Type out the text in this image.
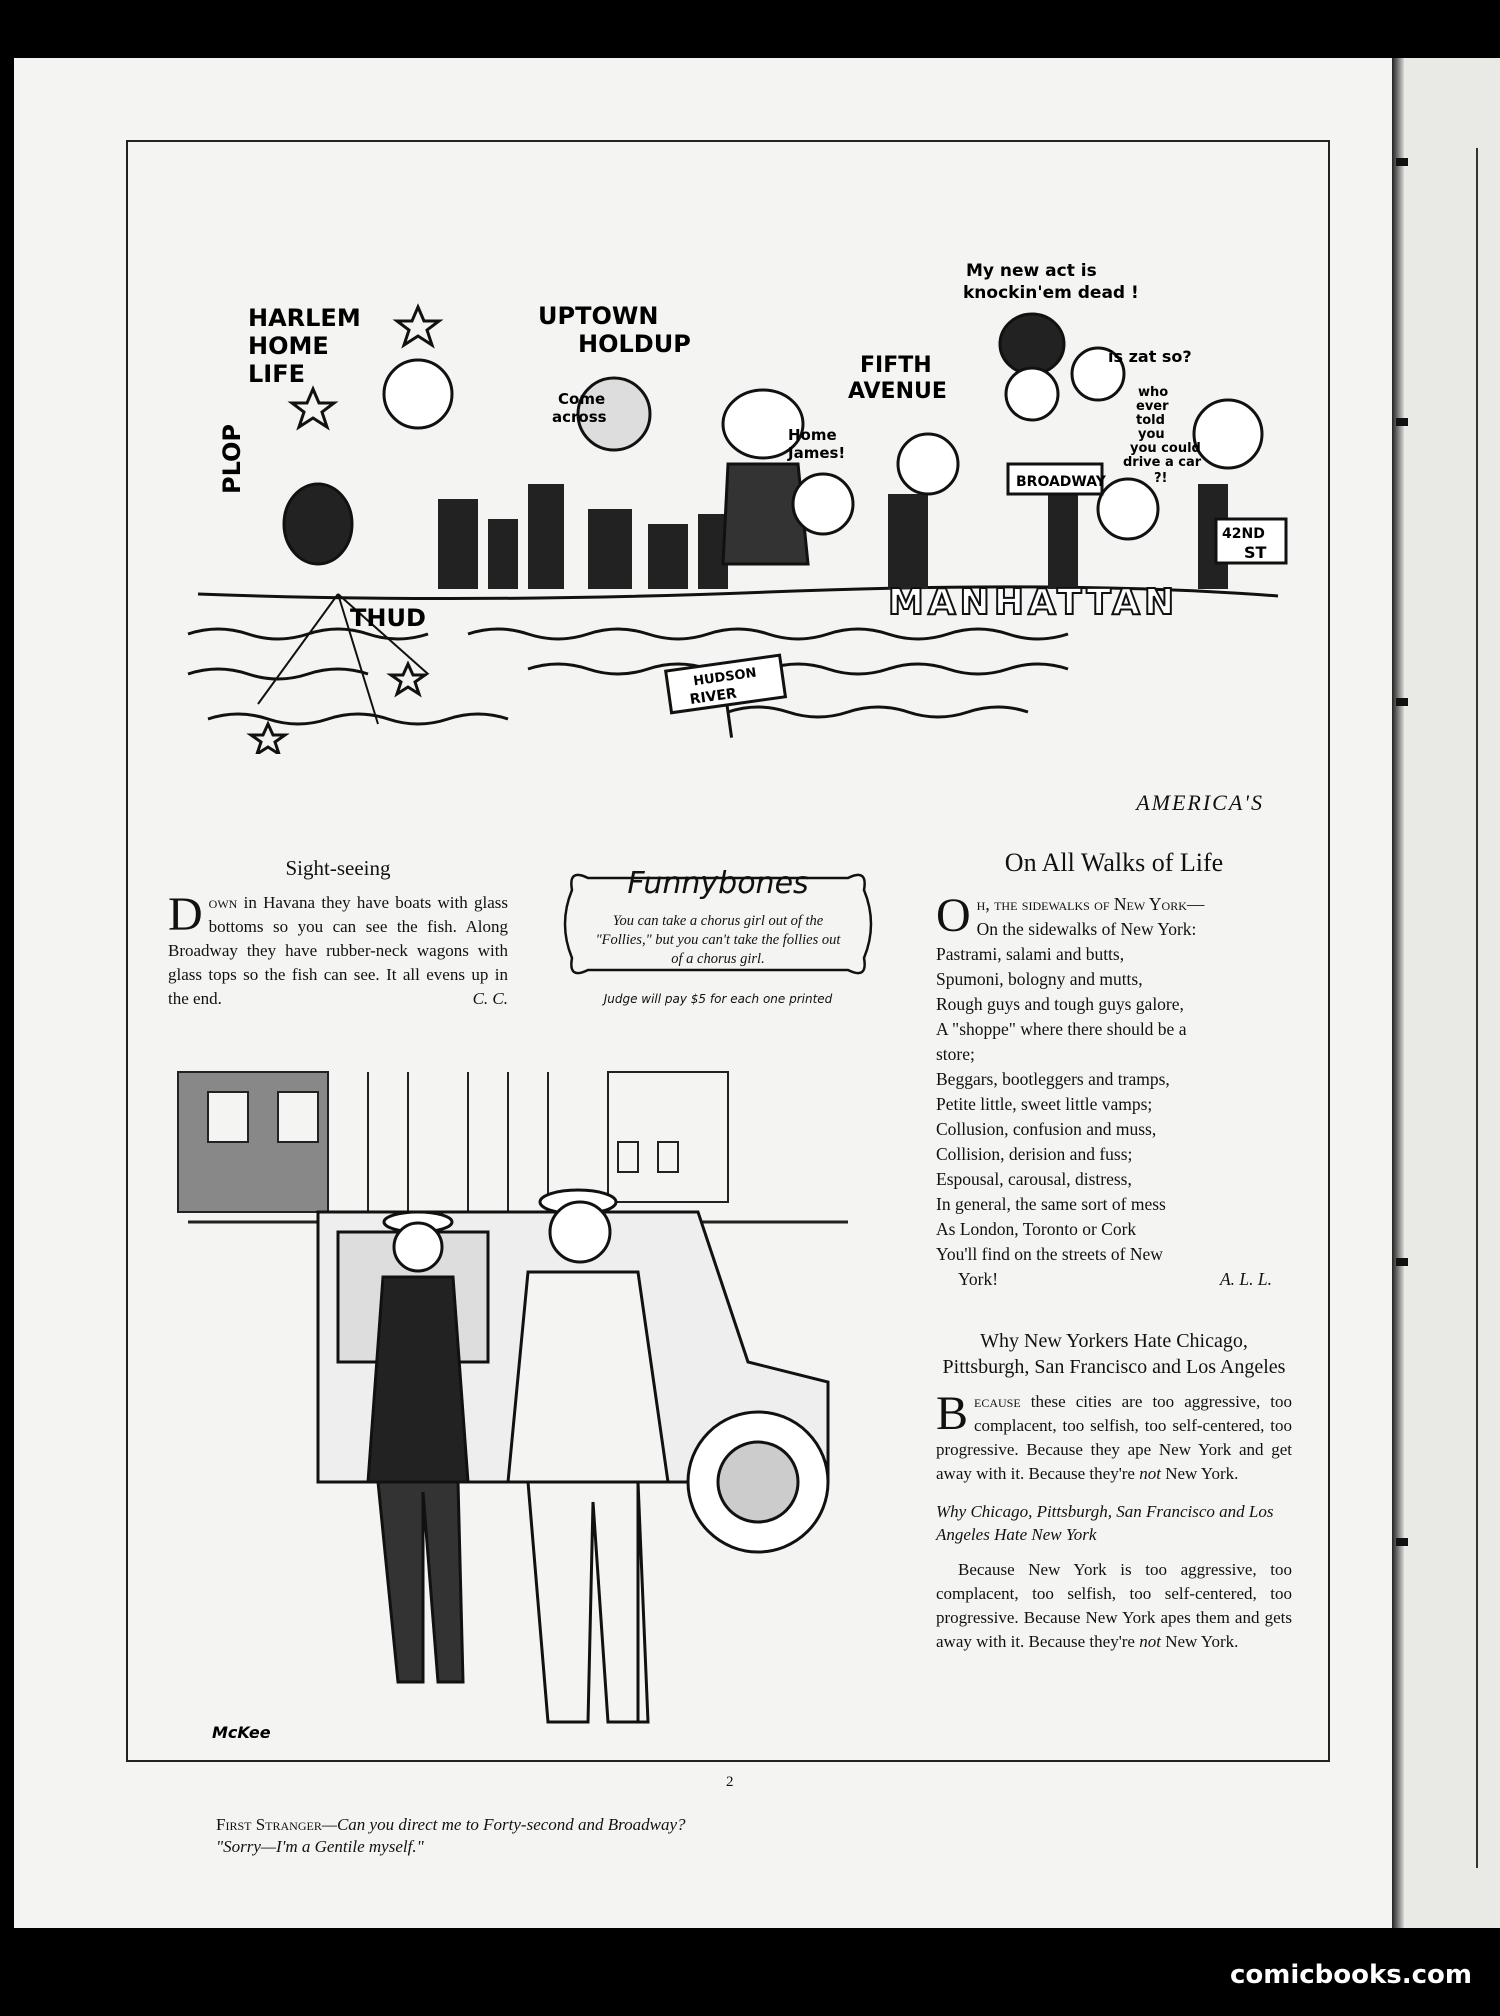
HARLEM
HOME
LIFE
PLOP
THUD
UPTOWN
HOLDUP
Come
across
FIFTH
AVENUE
Home
James!
My new act is
knockin'em dead !
is zat so?
who
ever
told
you
you could
drive a car
?!
BROADWAY
42ND
ST
MANHATTAN
HUDSON
RIVER
AMERICA'S
Sight-seeing
Down in Havana they have boats with glass bottoms so you can see the fish. Along Broadway they have rubber-neck wagons with glass tops so the fish can see. It all evens up in the end.	C. C.
Funnybones
You can take a chorus girl out of the "Follies," but you can't take the follies out of a chorus girl.
Judge will pay $5 for each one printed
On All Walks of Life
Oh, the sidewalks of New York—
On the sidewalks of New York:
Pastrami, salami and butts,
Spumoni, bologny and mutts,
Rough guys and tough guys galore,
A "shoppe" where there should be a
store;
Beggars, bootleggers and tramps,
Petite little, sweet little vamps;
Collusion, confusion and muss,
Collision, derision and fuss;
Espousal, carousal, distress,
In general, the same sort of mess
As London, Toronto or Cork
You'll find on the streets of New
York!	A. L. L.
Why New Yorkers Hate Chicago, Pittsburgh, San Francisco and Los Angeles
Because these cities are too aggressive, too complacent, too selfish, too self-centered, too progressive. Because they ape New York and get away with it. Because they're not New York.
Why Chicago, Pittsburgh, San Francisco and Los Angeles Hate New York
Because New York is too aggressive, too complacent, too selfish, too self-centered, too progressive. Because New York apes them and gets away with it. Because they're not New York.
McKee
First Stranger—Can you direct me to Forty-second and Broadway?
"Sorry—I'm a Gentile myself."
2
comicbooks.com
